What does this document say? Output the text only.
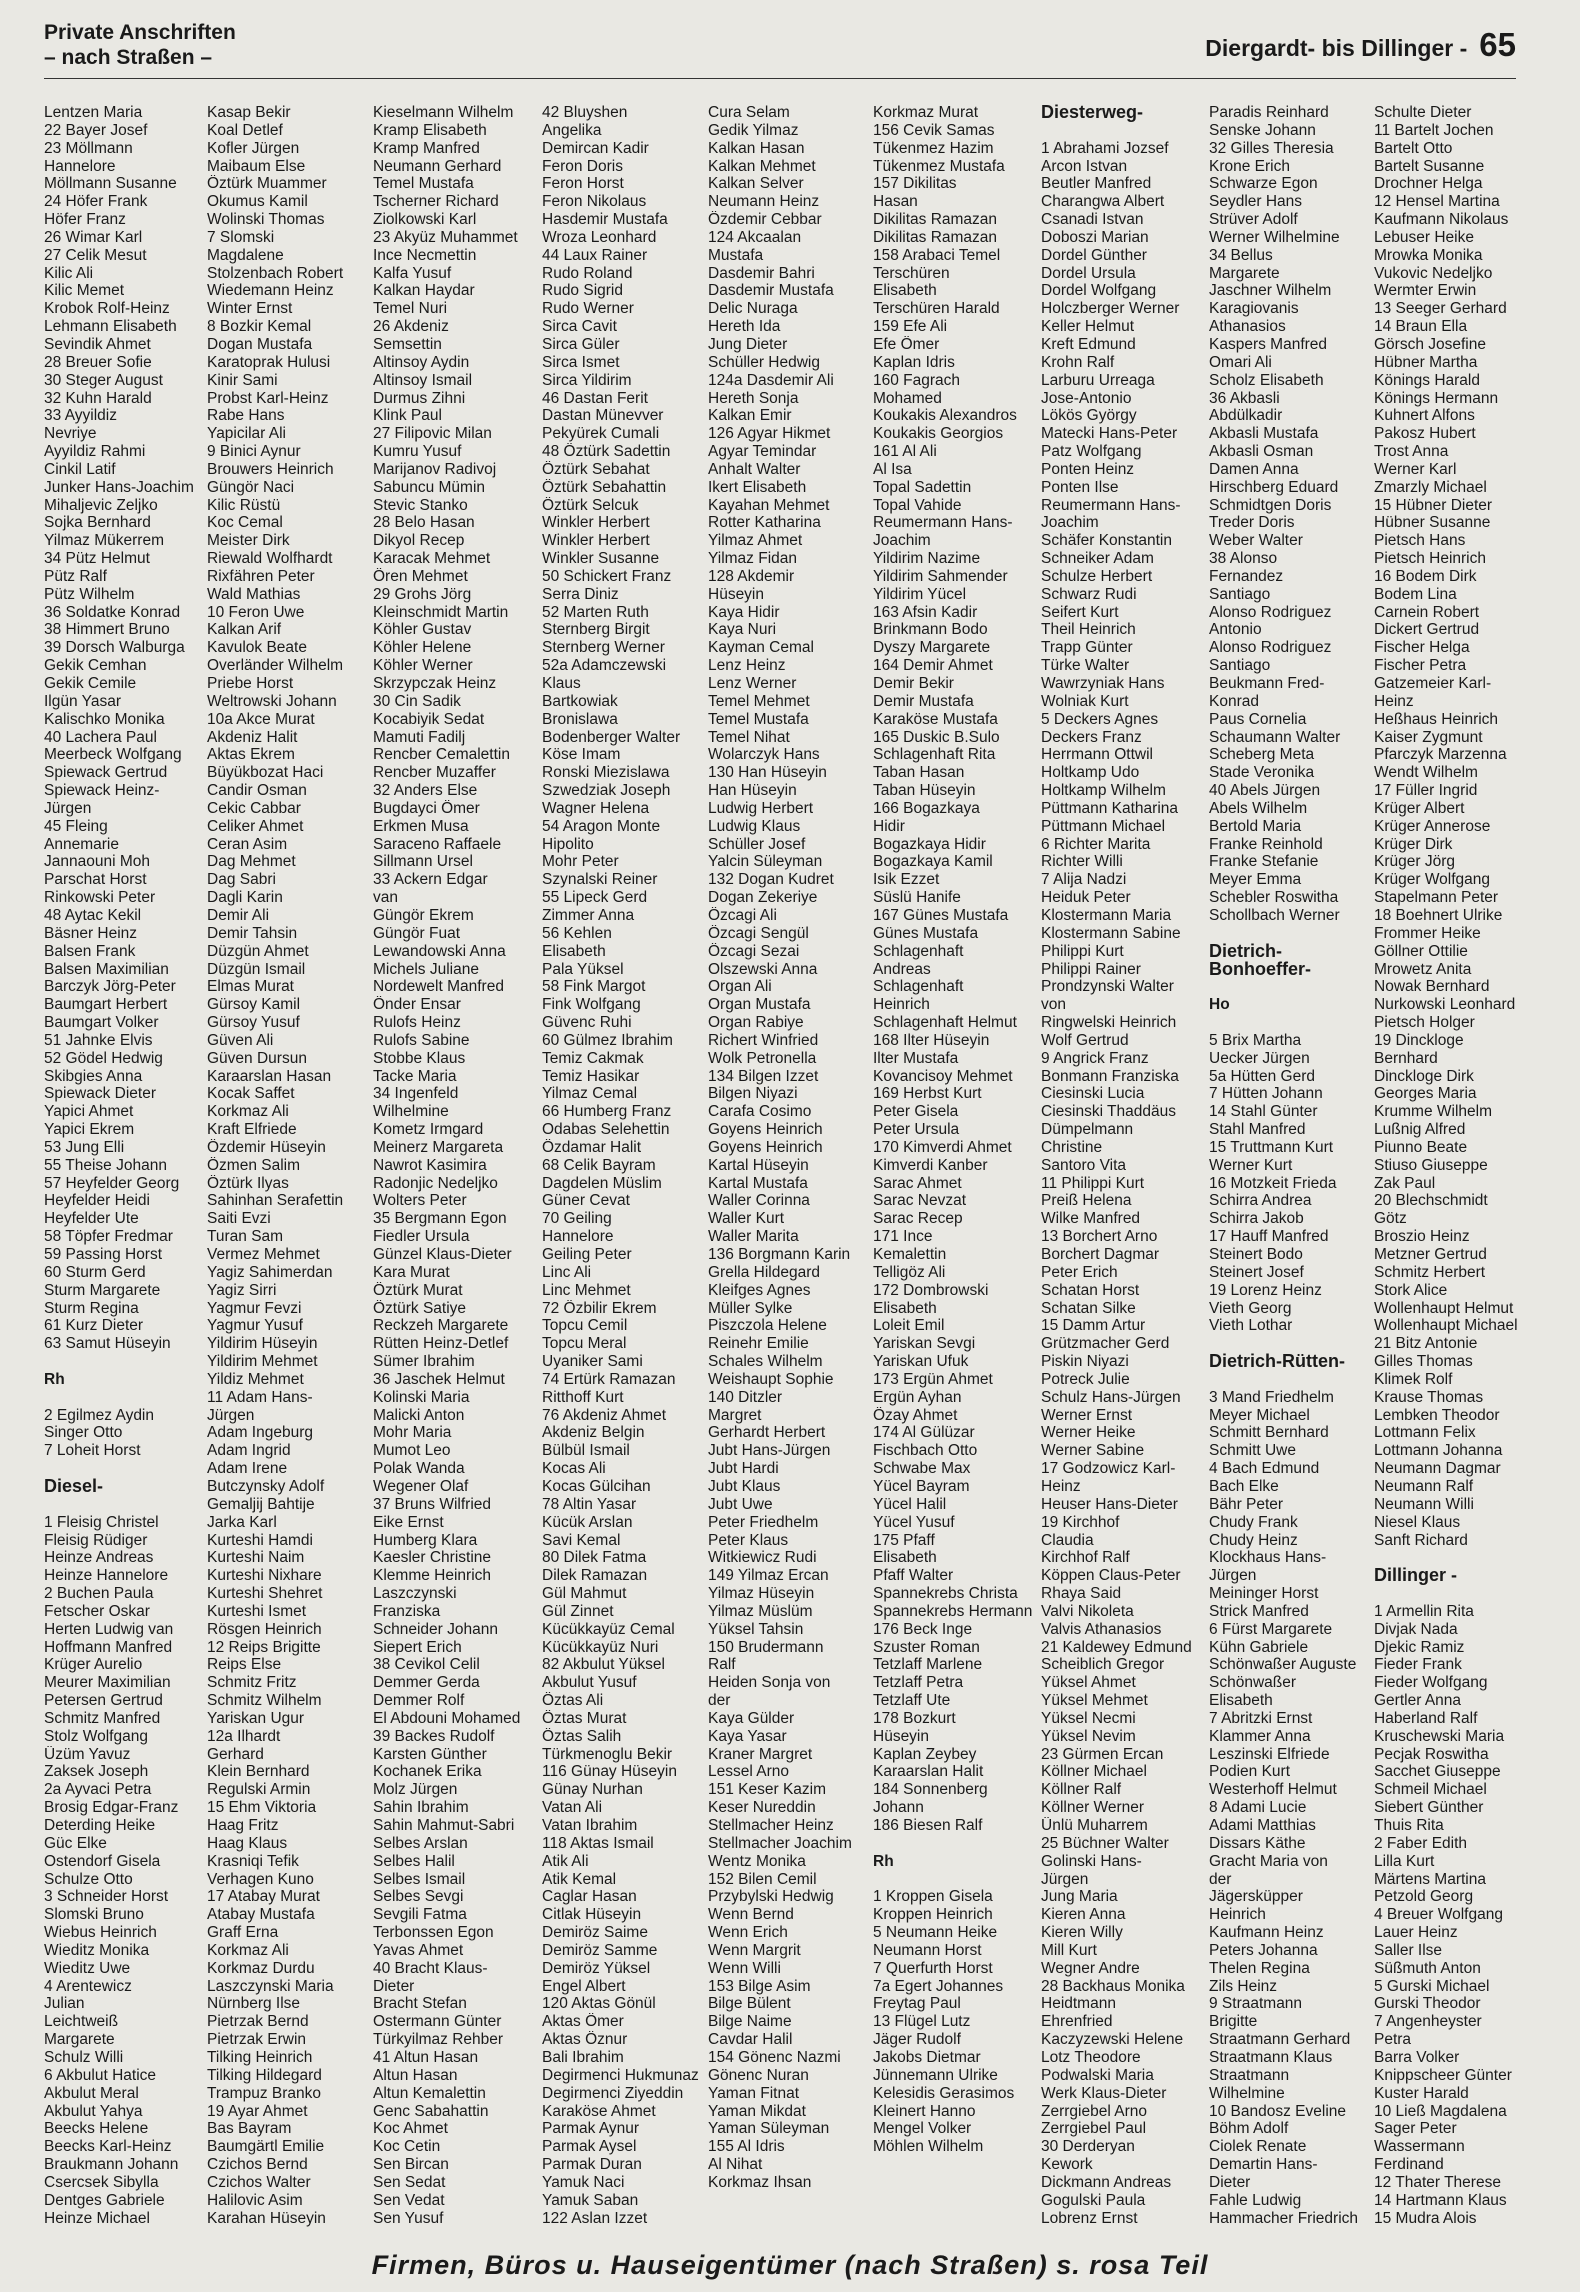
Private Anschriften
– nach Straßen –	Diergardt- bis Dillinger - 65
Lentzen Maria
22 Bayer Josef
23 Möllmann
Hannelore
Möllmann Susanne
24 Höfer Frank
Höfer Franz
26 Wimar Karl
27 Celik Mesut
Kilic Ali
Kilic Memet
Krobok Rolf-Heinz
Lehmann Elisabeth
Sevindik Ahmet
28 Breuer Sofie
30 Steger August
32 Kuhn Harald
33 Ayyildiz
Nevriye
Ayyildiz Rahmi
Cinkil Latif
Junker Hans-Joachim
Mihaljevic Zeljko
Sojka Bernhard
Yilmaz Mükerrem
34 Pütz Helmut
Pütz Ralf
Pütz Wilhelm
36 Soldatke Konrad
38 Himmert Bruno
39 Dorsch Walburga
Gekik Cemhan
Gekik Cemile
Ilgün Yasar
Kalischko Monika
40 Lachera Paul
Meerbeck Wolfgang
Spiewack Gertrud
Spiewack Heinz-
Jürgen
45 Fleing
Annemarie
Jannaouni Moh
Parschat Horst
Rinkowski Peter
48 Aytac Kekil
Bäsner Heinz
Balsen Frank
Balsen Maximilian
Barczyk Jörg-Peter
Baumgart Herbert
Baumgart Volker
51 Jahnke Elvis
52 Gödel Hedwig
Skibgies Anna
Spiewack Dieter
Yapici Ahmet
Yapici Ekrem
53 Jung Elli
55 Theise Johann
57 Heyfelder Georg
Heyfelder Heidi
Heyfelder Ute
58 Töpfer Fredmar
59 Passing Horst
60 Sturm Gerd
Sturm Margarete
Sturm Regina
61 Kurz Dieter
63 Samut Hüseyin
Rh
2 Egilmez Aydin
Singer Otto
7 Loheit Horst
Diesel-
1 Fleisig Christel
Fleisig Rüdiger
Heinze Andreas
Heinze Hannelore
2 Buchen Paula
Fetscher Oskar
Herten Ludwig van
Hoffmann Manfred
Krüger Aurelio
Meurer Maximilian
Petersen Gertrud
Schmitz Manfred
Stolz Wolfgang
Üzüm Yavuz
Zaksek Joseph
2a Ayvaci Petra
Brosig Edgar-Franz
Deterding Heike
Güc Elke
Ostendorf Gisela
Schulze Otto
3 Schneider Horst
Slomski Bruno
Wiebus Heinrich
Wieditz Monika
Wieditz Uwe
4 Arentewicz
Julian
Leichtweiß
Margarete
Schulz Willi
6 Akbulut Hatice
Akbulut Meral
Akbulut Yahya
Beecks Helene
Beecks Karl-Heinz
Braukmann Johann
Csercsek Sibylla
Dentges Gabriele
Heinze Michael
Kasap Bekir
Koal Detlef
Kofler Jürgen
Maibaum Else
Öztürk Muammer
Okumus Kamil
Wolinski Thomas
7 Slomski
Magdalene
Stolzenbach Robert
Wiedemann Heinz
Winter Ernst
8 Bozkir Kemal
Dogan Mustafa
Karatoprak Hulusi
Kinir Sami
Probst Karl-Heinz
Rabe Hans
Yapicilar Ali
9 Binici Aynur
Brouwers Heinrich
Güngör Naci
Kilic Rüstü
Koc Cemal
Meister Dirk
Riewald Wolfhardt
Rixfähren Peter
Wald Mathias
10 Feron Uwe
Kalkan Arif
Kavulok Beate
Overländer Wilhelm
Priebe Horst
Weltrowski Johann
10a Akce Murat
Akdeniz Halit
Aktas Ekrem
Büyükbozat Haci
Candir Osman
Cekic Cabbar
Celiker Ahmet
Ceran Asim
Dag Mehmet
Dag Sabri
Dagli Karin
Demir Ali
Demir Tahsin
Düzgün Ahmet
Düzgün Ismail
Elmas Murat
Gürsoy Kamil
Gürsoy Yusuf
Güven Ali
Güven Dursun
Karaarslan Hasan
Kocak Saffet
Korkmaz Ali
Kraft Elfriede
Özdemir Hüseyin
Özmen Salim
Öztürk Ilyas
Sahinhan Serafettin
Saiti Evzi
Turan Sam
Vermez Mehmet
Yagiz Sahimerdan
Yagiz Sirri
Yagmur Fevzi
Yagmur Yusuf
Yildirim Hüseyin
Yildirim Mehmet
Yildiz Mehmet
11 Adam Hans-
Jürgen
Adam Ingeburg
Adam Ingrid
Adam Irene
Butczynsky Adolf
Gemaljij Bahtije
Jarka Karl
Kurteshi Hamdi
Kurteshi Naim
Kurteshi Nixhare
Kurteshi Shehret
Kurteshi Ismet
Rösgen Heinrich
12 Reips Brigitte
Reips Else
Schmitz Fritz
Schmitz Wilhelm
Yariskan Ugur
12a Ilhardt
Gerhard
Klein Bernhard
Regulski Armin
15 Ehm Viktoria
Haag Fritz
Haag Klaus
Krasniqi Tefik
Verhagen Kuno
17 Atabay Murat
Atabay Mustafa
Graff Erna
Korkmaz Ali
Korkmaz Durdu
Laszczynski Maria
Nürnberg Ilse
Pietrzak Bernd
Pietrzak Erwin
Tilking Heinrich
Tilking Hildegard
Trampuz Branko
19 Ayar Ahmet
Bas Bayram
Baumgärtl Emilie
Czichos Bernd
Czichos Walter
Halilovic Asim
Karahan Hüseyin
Kieselmann Wilhelm
Kramp Elisabeth
Kramp Manfred
Neumann Gerhard
Temel Mustafa
Tscherner Richard
Ziolkowski Karl
23 Akyüz Muhammet
Ince Necmettin
Kalfa Yusuf
Kalkan Haydar
Temel Nuri
26 Akdeniz
Semsettin
Altinsoy Aydin
Altinsoy Ismail
Durmus Zihni
Klink Paul
27 Filipovic Milan
Kumru Yusuf
Marijanov Radivoj
Sabuncu Mümin
Stevic Stanko
28 Belo Hasan
Dikyol Recep
Karacak Mehmet
Ören Mehmet
29 Grohs Jörg
Kleinschmidt Martin
Köhler Gustav
Köhler Helene
Köhler Werner
Skrzypczak Heinz
30 Cin Sadik
Kocabiyik Sedat
Mamuti Fadilj
Rencber Cemalettin
Rencber Muzaffer
32 Anders Else
Bugdayci Ömer
Erkmen Musa
Saraceno Raffaele
Sillmann Ursel
33 Ackern Edgar
van
Güngör Ekrem
Güngör Fuat
Lewandowski Anna
Michels Juliane
Nordewelt Manfred
Önder Ensar
Rulofs Heinz
Rulofs Sabine
Stobbe Klaus
Tacke Maria
34 Ingenfeld
Wilhelmine
Kometz Irmgard
Meinerz Margareta
Nawrot Kasimira
Radonjic Nedeljko
Wolters Peter
35 Bergmann Egon
Fiedler Ursula
Günzel Klaus-Dieter
Kara Murat
Öztürk Murat
Öztürk Satiye
Reckzeh Margarete
Rütten Heinz-Detlef
Sümer Ibrahim
36 Jaschek Helmut
Kolinski Maria
Malicki Anton
Mohr Maria
Mumot Leo
Polak Wanda
Wegener Olaf
37 Bruns Wilfried
Eike Ernst
Humberg Klara
Kaesler Christine
Klemme Heinrich
Laszczynski
Franziska
Schneider Johann
Siepert Erich
38 Cevikol Celil
Demmer Gerda
Demmer Rolf
El Abdouni Mohamed
39 Backes Rudolf
Karsten Günther
Kochanek Erika
Molz Jürgen
Sahin Ibrahim
Sahin Mahmut-Sabri
Selbes Arslan
Selbes Halil
Selbes Ismail
Selbes Sevgi
Sevgili Fatma
Terbonssen Egon
Yavas Ahmet
40 Bracht Klaus-
Dieter
Bracht Stefan
Ostermann Günter
Türkyilmaz Rehber
41 Altun Hasan
Altun Hasan
Altun Kemalettin
Genc Sabahattin
Koc Ahmet
Koc Cetin
Sen Bircan
Sen Sedat
Sen Vedat
Sen Yusuf
42 Bluyshen
Angelika
Demircan Kadir
Feron Doris
Feron Horst
Feron Nikolaus
Hasdemir Mustafa
Wroza Leonhard
44 Laux Rainer
Rudo Roland
Rudo Sigrid
Rudo Werner
Sirca Cavit
Sirca Güler
Sirca Ismet
Sirca Yildirim
46 Dastan Ferit
Dastan Münevver
Pekyürek Cumali
48 Öztürk Sadettin
Öztürk Sebahat
Öztürk Sebahattin
Öztürk Selcuk
Winkler Herbert
Winkler Herbert
Winkler Susanne
50 Schickert Franz
Serra Diniz
52 Marten Ruth
Sternberg Birgit
Sternberg Werner
52a Adamczewski
Klaus
Bartkowiak
Bronislawa
Bodenberger Walter
Köse Imam
Ronski Miezislawa
Szwedziak Joseph
Wagner Helena
54 Aragon Monte
Hipolito
Mohr Peter
Szynalski Reiner
55 Lipeck Gerd
Zimmer Anna
56 Kehlen
Elisabeth
Pala Yüksel
58 Fink Margot
Fink Wolfgang
Güvenc Ruhi
60 Gülmez Ibrahim
Temiz Cakmak
Temiz Hasikar
Yilmaz Cemal
66 Humberg Franz
Odabas Selehettin
Özdamar Halit
68 Celik Bayram
Dagdelen Müslim
Güner Cevat
70 Geiling
Hannelore
Geiling Peter
Linc Ali
Linc Mehmet
72 Özbilir Ekrem
Topcu Cemil
Topcu Meral
Uyaniker Sami
74 Ertürk Ramazan
Ritthoff Kurt
76 Akdeniz Ahmet
Akdeniz Belgin
Bülbül Ismail
Kocas Ali
Kocas Gülcihan
78 Altin Yasar
Kücük Arslan
Savi Kemal
80 Dilek Fatma
Dilek Ramazan
Gül Mahmut
Gül Zinnet
Kücükkayüz Cemal
Kücükkayüz Nuri
82 Akbulut Yüksel
Akbulut Yusuf
Öztas Ali
Öztas Murat
Öztas Salih
Türkmenoglu Bekir
116 Günay Hüseyin
Günay Nurhan
Vatan Ali
Vatan Ibrahim
118 Aktas Ismail
Atik Ali
Atik Kemal
Caglar Hasan
Citlak Hüseyin
Demiröz Saime
Demiröz Samme
Demiröz Yüksel
Engel Albert
120 Aktas Gönül
Aktas Ömer
Aktas Öznur
Bali Ibrahim
Degirmenci Hukmunaz
Degirmenci Ziyeddin
Karaköse Ahmet
Parmak Aynur
Parmak Aysel
Parmak Duran
Yamuk Naci
Yamuk Saban
122 Aslan Izzet
Cura Selam
Gedik Yilmaz
Kalkan Hasan
Kalkan Mehmet
Kalkan Selver
Neumann Heinz
Özdemir Cebbar
124 Akcaalan
Mustafa
Dasdemir Bahri
Dasdemir Mustafa
Delic Nuraga
Hereth Ida
Jung Dieter
Schüller Hedwig
124a Dasdemir Ali
Hereth Sonja
Kalkan Emir
126 Agyar Hikmet
Agyar Temindar
Anhalt Walter
Ikert Elisabeth
Kayahan Mehmet
Rotter Katharina
Yilmaz Ahmet
Yilmaz Fidan
128 Akdemir
Hüseyin
Kaya Hidir
Kaya Nuri
Kayman Cemal
Lenz Heinz
Lenz Werner
Temel Mehmet
Temel Mustafa
Temel Nihat
Wolarczyk Hans
130 Han Hüseyin
Han Hüseyin
Ludwig Herbert
Ludwig Klaus
Schüller Josef
Yalcin Süleyman
132 Dogan Kudret
Dogan Zekeriye
Özcagi Ali
Özcagi Sengül
Özcagi Sezai
Olszewski Anna
Organ Ali
Organ Mustafa
Organ Rabiye
Richert Winfried
Wolk Petronella
134 Bilgen Izzet
Bilgen Niyazi
Carafa Cosimo
Goyens Heinrich
Goyens Heinrich
Kartal Hüseyin
Kartal Mustafa
Waller Corinna
Waller Kurt
Waller Marita
136 Borgmann Karin
Grella Hildegard
Kleifges Agnes
Müller Sylke
Piszczola Helene
Reinehr Emilie
Schales Wilhelm
Weishaupt Sophie
140 Ditzler
Margret
Gerhardt Herbert
Jubt Hans-Jürgen
Jubt Hardi
Jubt Klaus
Jubt Uwe
Peter Friedhelm
Peter Klaus
Witkiewicz Rudi
149 Yilmaz Ercan
Yilmaz Hüseyin
Yilmaz Müslüm
Yüksel Tahsin
150 Brudermann
Ralf
Heiden Sonja von
der
Kaya Gülder
Kaya Yasar
Kraner Margret
Lessel Arno
151 Keser Kazim
Keser Nureddin
Stellmacher Heinz
Stellmacher Joachim
Wentz Monika
152 Bilen Cemil
Przybylski Hedwig
Wenn Bernd
Wenn Erich
Wenn Margrit
Wenn Willi
153 Bilge Asim
Bilge Bülent
Bilge Naime
Cavdar Halil
154 Gönenc Nazmi
Gönenc Nuran
Yaman Fitnat
Yaman Mikdat
Yaman Süleyman
155 Al Idris
Al Nihat
Korkmaz Ihsan
Korkmaz Murat
156 Cevik Samas
Tükenmez Hazim
Tükenmez Mustafa
157 Dikilitas
Hasan
Dikilitas Ramazan
Dikilitas Ramazan
158 Arabaci Temel
Terschüren
Elisabeth
Terschüren Harald
159 Efe Ali
Efe Ömer
Kaplan Idris
160 Fagrach
Mohamed
Koukakis Alexandros
Koukakis Georgios
161 Al Ali
Al Isa
Topal Sadettin
Topal Vahide
Reumermann Hans-
Joachim
Yildirim Nazime
Yildirim Sahmender
Yildirim Yücel
163 Afsin Kadir
Brinkmann Bodo
Dyszy Margarete
164 Demir Ahmet
Demir Bekir
Demir Mustafa
Karaköse Mustafa
165 Duskic B.Sulo
Schlagenhaft Rita
Taban Hasan
Taban Hüseyin
166 Bogazkaya
Hidir
Bogazkaya Hidir
Bogazkaya Kamil
Isik Ezzet
Süslü Hanife
167 Günes Mustafa
Günes Mustafa
Schlagenhaft
Andreas
Schlagenhaft
Heinrich
Schlagenhaft Helmut
168 Ilter Hüseyin
Ilter Mustafa
Kovancisoy Mehmet
169 Herbst Kurt
Peter Gisela
Peter Ursula
170 Kimverdi Ahmet
Kimverdi Kanber
Sarac Ahmet
Sarac Nevzat
Sarac Recep
171 Ince
Kemalettin
Telligöz Ali
172 Dombrowski
Elisabeth
Loleit Emil
Yariskan Sevgi
Yariskan Ufuk
173 Ergün Ahmet
Ergün Ayhan
Özay Ahmet
174 Al Gülüzar
Fischbach Otto
Schwabe Max
Yücel Bayram
Yücel Halil
Yücel Yusuf
175 Pfaff
Elisabeth
Pfaff Walter
Spannekrebs Christa
Spannekrebs Hermann
176 Beck Inge
Szuster Roman
Tetzlaff Marlene
Tetzlaff Petra
Tetzlaff Ute
178 Bozkurt
Hüseyin
Kaplan Zeybey
Karaarslan Halit
184 Sonnenberg
Johann
186 Biesen Ralf
Rh
1 Kroppen Gisela
Kroppen Heinrich
5 Neumann Heike
Neumann Horst
7 Querfurth Horst
7a Egert Johannes
Freytag Paul
13 Flügel Lutz
Jäger Rudolf
Jakobs Dietmar
Jünnemann Ulrike
Kelesidis Gerasimos
Kleinert Hanno
Mengel Volker
Möhlen Wilhelm
Diesterweg-
1 Abrahami Jozsef
Arcon Istvan
Beutler Manfred
Charangwa Albert
Csanadi Istvan
Doboszi Marian
Dordel Günther
Dordel Ursula
Dordel Wolfgang
Holczberger Werner
Keller Helmut
Kreft Edmund
Krohn Ralf
Larburu Urreaga
Jose-Antonio
Lökös György
Matecki Hans-Peter
Patz Wolfgang
Ponten Heinz
Ponten Ilse
Reumermann Hans-
Joachim
Schäfer Konstantin
Schneiker Adam
Schulze Herbert
Schwarz Rudi
Seifert Kurt
Theil Heinrich
Trapp Günter
Türke Walter
Wawrzyniak Hans
Wolniak Kurt
5 Deckers Agnes
Deckers Franz
Herrmann Ottwil
Holtkamp Udo
Holtkamp Wilhelm
Püttmann Katharina
Püttmann Michael
6 Richter Marita
Richter Willi
7 Alija Nadzi
Heiduk Peter
Klostermann Maria
Klostermann Sabine
Philippi Kurt
Philippi Rainer
Prondzynski Walter
von
Ringwelski Heinrich
Wolf Gertrud
9 Angrick Franz
Bonmann Franziska
Ciesinski Lucia
Ciesinski Thaddäus
Dümpelmann
Christine
Santoro Vita
11 Philippi Kurt
Preiß Helena
Wilke Manfred
13 Borchert Arno
Borchert Dagmar
Peter Erich
Schatan Horst
Schatan Silke
15 Damm Artur
Grützmacher Gerd
Piskin Niyazi
Potreck Julie
Schulz Hans-Jürgen
Werner Ernst
Werner Heike
Werner Sabine
17 Godzowicz Karl-
Heinz
Heuser Hans-Dieter
19 Kirchhof
Claudia
Kirchhof Ralf
Köppen Claus-Peter
Rhaya Said
Valvi Nikoleta
Valvis Athanasios
21 Kaldewey Edmund
Scheiblich Gregor
Yüksel Ahmet
Yüksel Mehmet
Yüksel Necmi
Yüksel Nevim
23 Gürmen Ercan
Köllner Michael
Köllner Ralf
Köllner Werner
Ünlü Muharrem
25 Büchner Walter
Golinski Hans-
Jürgen
Jung Maria
Kieren Anna
Kieren Willy
Mill Kurt
Wegner Andre
28 Backhaus Monika
Heidtmann
Ehrenfried
Kaczyzewski Helene
Lotz Theodore
Podwalski Maria
Werk Klaus-Dieter
Zerrgiebel Arno
Zerrgiebel Paul
30 Derderyan
Kework
Dickmann Andreas
Gogulski Paula
Lobrenz Ernst
Paradis Reinhard
Senske Johann
32 Gilles Theresia
Krone Erich
Schwarze Egon
Seydler Hans
Strüver Adolf
Werner Wilhelmine
34 Bellus
Margarete
Jaschner Wilhelm
Karagiovanis
Athanasios
Kaspers Manfred
Omari Ali
Scholz Elisabeth
36 Akbasli
Abdülkadir
Akbasli Mustafa
Akbasli Osman
Damen Anna
Hirschberg Eduard
Schmidtgen Doris
Treder Doris
Weber Walter
38 Alonso
Fernandez
Santiago
Alonso Rodriguez
Antonio
Alonso Rodriguez
Santiago
Beukmann Fred-
Konrad
Paus Cornelia
Schaumann Walter
Scheberg Meta
Stade Veronika
40 Abels Jürgen
Abels Wilhelm
Bertold Maria
Franke Reinhold
Franke Stefanie
Meyer Emma
Schebler Roswitha
Schollbach Werner
Dietrich-
Bonhoeffer-
Ho
5 Brix Martha
Uecker Jürgen
5a Hütten Gerd
7 Hütten Johann
14 Stahl Günter
Stahl Manfred
15 Truttmann Kurt
Werner Kurt
16 Motzkeit Frieda
Schirra Andrea
Schirra Jakob
17 Hauff Manfred
Steinert Bodo
Steinert Josef
19 Lorenz Heinz
Vieth Georg
Vieth Lothar
Dietrich-Rütten-
3 Mand Friedhelm
Meyer Michael
Schmitt Bernhard
Schmitt Uwe
4 Bach Edmund
Bach Elke
Bähr Peter
Chudy Frank
Chudy Heinz
Klockhaus Hans-
Jürgen
Meininger Horst
Strick Manfred
6 Fürst Margarete
Kühn Gabriele
Schönwaßer Auguste
Schönwaßer
Elisabeth
7 Abritzki Ernst
Klammer Anna
Leszinski Elfriede
Podien Kurt
Westerhoff Helmut
8 Adami Lucie
Adami Matthias
Dissars Käthe
Gracht Maria von
der
Jägersküpper
Heinrich
Kaufmann Heinz
Peters Johanna
Thelen Regina
Zils Heinz
9 Straatmann
Brigitte
Straatmann Gerhard
Straatmann Klaus
Straatmann
Wilhelmine
10 Bandosz Eveline
Böhm Adolf
Ciolek Renate
Demartin Hans-
Dieter
Fahle Ludwig
Hammacher Friedrich
Schulte Dieter
11 Bartelt Jochen
Bartelt Otto
Bartelt Susanne
Drochner Helga
12 Hensel Martina
Kaufmann Nikolaus
Lebuser Heike
Mrowka Monika
Vukovic Nedeljko
Wermter Erwin
13 Seeger Gerhard
14 Braun Ella
Görsch Josefine
Hübner Martha
Könings Harald
Könings Hermann
Kuhnert Alfons
Pakosz Hubert
Trost Anna
Werner Karl
Zmarzly Michael
15 Hübner Dieter
Hübner Susanne
Pietsch Hans
Pietsch Heinrich
16 Bodem Dirk
Bodem Lina
Carnein Robert
Dickert Gertrud
Fischer Helga
Fischer Petra
Gatzemeier Karl-
Heinz
Heßhaus Heinrich
Kaiser Zygmunt
Pfarczyk Marzenna
Wendt Wilhelm
17 Füller Ingrid
Krüger Albert
Krüger Annerose
Krüger Dirk
Krüger Jörg
Krüger Wolfgang
Stapelmann Peter
18 Boehnert Ulrike
Frommer Heike
Göllner Ottilie
Mrowetz Anita
Nowak Bernhard
Nurkowski Leonhard
Pietsch Holger
19 Dinckloge
Bernhard
Dinckloge Dirk
Georges Maria
Krumme Wilhelm
Lußnig Alfred
Piunno Beate
Stiuso Giuseppe
Zak Paul
20 Blechschmidt
Götz
Broszio Heinz
Metzner Gertrud
Schmitz Herbert
Stork Alice
Wollenhaupt Helmut
Wollenhaupt Michael
21 Bitz Antonie
Gilles Thomas
Klimek Rolf
Krause Thomas
Lembken Theodor
Lottmann Felix
Lottmann Johanna
Neumann Dagmar
Neumann Ralf
Neumann Willi
Niesel Klaus
Sanft Richard
Dillinger -
1 Armellin Rita
Divjak Nada
Djekic Ramiz
Fieder Frank
Fieder Wolfgang
Gertler Anna
Haberland Ralf
Kruschewski Maria
Pecjak Roswitha
Sacchet Giuseppe
Schmeil Michael
Siebert Günther
Thuis Rita
2 Faber Edith
Lilla Kurt
Märtens Martina
Petzold Georg
4 Breuer Wolfgang
Lauer Heinz
Saller Ilse
Süßmuth Anton
5 Gurski Michael
Gurski Theodor
7 Angenheyster
Petra
Barra Volker
Knippscheer Günter
Kuster Harald
10 Ließ Magdalena
Sager Peter
Wassermann
Ferdinand
12 Thater Therese
14 Hartmann Klaus
15 Mudra Alois
Firmen, Büros u. Hauseigentümer (nach Straßen) s. rosa Teil
